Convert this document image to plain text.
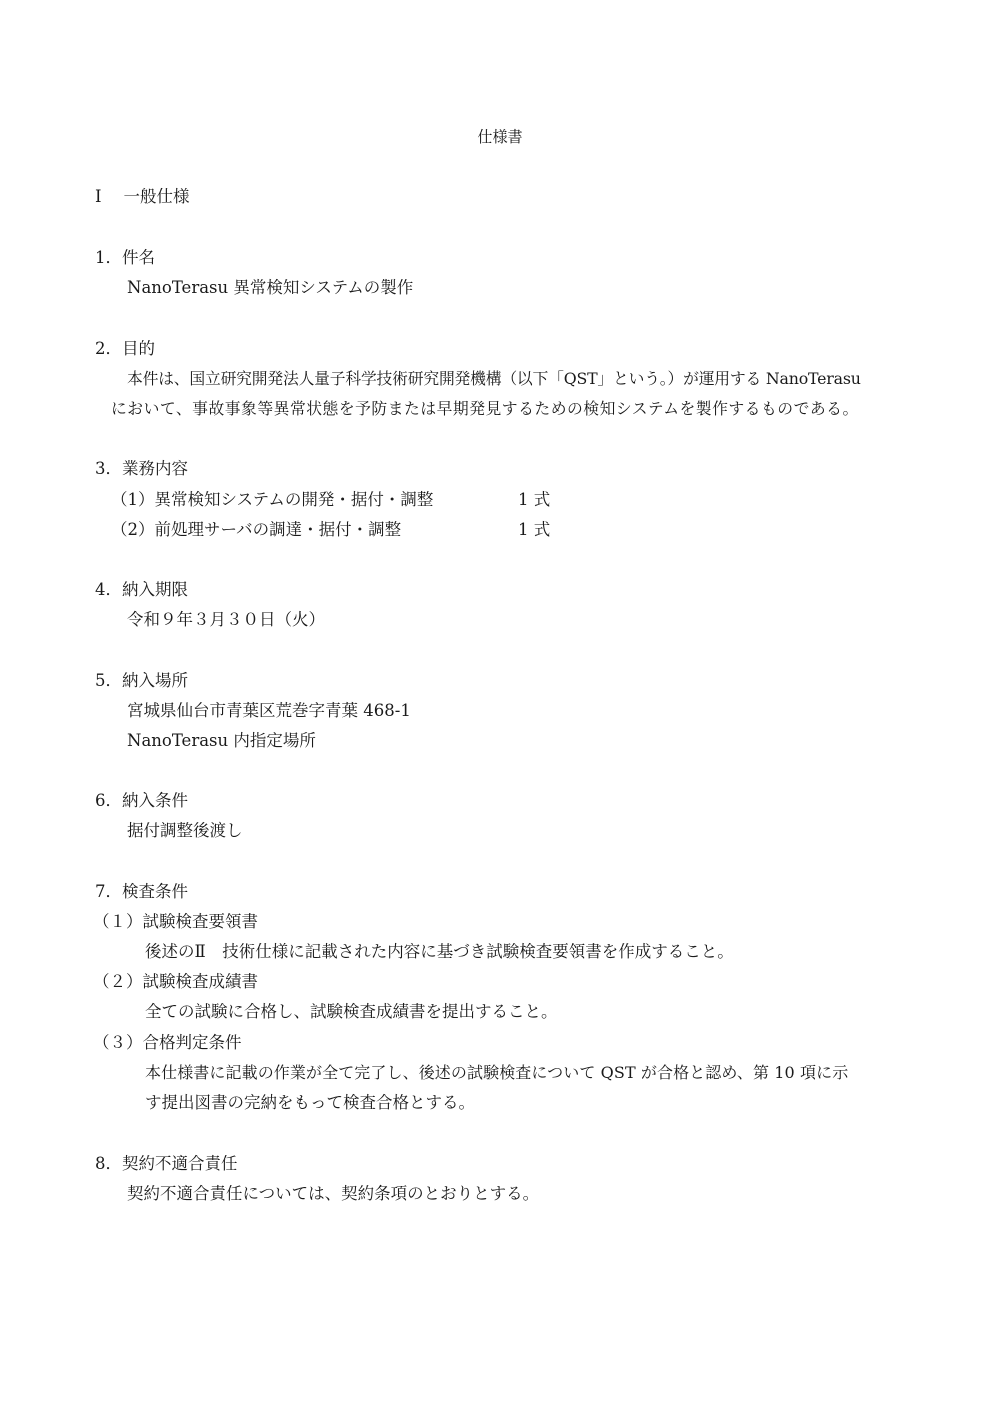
仕様書
Ⅰ 一般仕様
1．件名
NanoTerasu 異常検知システムの製作
2．目的
本件は、国立研究開発法人量子科学技術研究開発機構（以下「QST」という。）が運用する NanoTerasu
において、事故事象等異常状態を予防または早期発見するための検知システムを製作するものである。
3．業務内容
（1）異常検知システムの開発・据付・調整	1 式
（2）前処理サーバの調達・据付・調整	1 式
4．納入期限
令和９年３月３０日（火）
5．納入場所
宮城県仙台市青葉区荒巻字青葉 468-1
NanoTerasu 内指定場所
6．納入条件
据付調整後渡し
7．検査条件
（１）試験検査要領書
後述のⅡ　技術仕様に記載された内容に基づき試験検査要領書を作成すること。
（２）試験検査成績書
全ての試験に合格し、試験検査成績書を提出すること。
（３）合格判定条件
本仕様書に記載の作業が全て完了し、後述の試験検査について QST が合格と認め、第 10 項に示
す提出図書の完納をもって検査合格とする。
8．契約不適合責任
契約不適合責任については、契約条項のとおりとする。
